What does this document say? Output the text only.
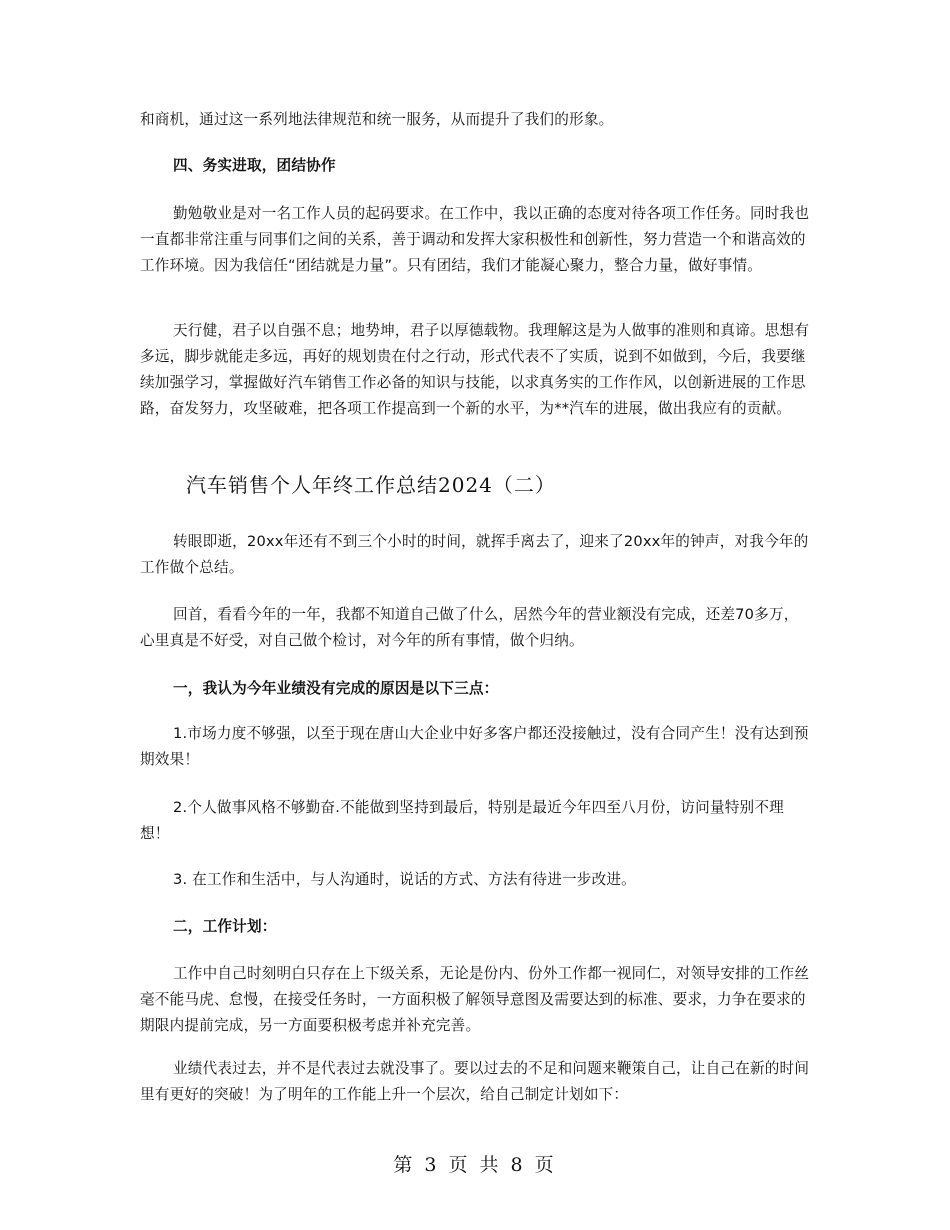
和商机，通过这一系列地法律规范和统一服务，从而提升了我们的形象。

四、务实进取，团结协作

勤勉敬业是对一名工作人员的起码要求。在工作中，我以正确的态度对待各项工作任务。同时我也一直都非常注重与同事们之间的关系，善于调动和发挥大家积极性和创新性，努力营造一个和谐高效的工作环境。因为我信任“团结就是力量”。只有团结，我们才能凝心聚力，整合力量，做好事情。

天行健，君子以自强不息；地势坤，君子以厚德载物。我理解这是为人做事的准则和真谛。思想有多远，脚步就能走多远，再好的规划贵在付之行动，形式代表不了实质，说到不如做到，今后，我要继续加强学习，掌握做好汽车销售工作必备的知识与技能，以求真务实的工作作风，以创新进展的工作思路，奋发努力，攻坚破难，把各项工作提高到一个新的水平，为**汽车的进展，做出我应有的贡献。

汽车销售个人年终工作总结2024（二）

转眼即逝，20xx年还有不到三个小时的时间，就挥手离去了，迎来了20xx年的钟声，对我今年的工作做个总结。

回首，看看今年的一年，我都不知道自己做了什么，居然今年的营业额没有完成，还差70多万，心里真是不好受，对自己做个检讨，对今年的所有事情，做个归纳。

一，我认为今年业绩没有完成的原因是以下三点：

1.市场力度不够强，以至于现在唐山大企业中好多客户都还没接触过，没有合同产生！没有达到预期效果！

2.个人做事风格不够勤奋.不能做到坚持到最后，特别是最近今年四至八月份，访问量特别不理想！

3. 在工作和生活中，与人沟通时，说话的方式、方法有待进一步改进。

二，工作计划：

工作中自己时刻明白只存在上下级关系，无论是份内、份外工作都一视同仁，对领导安排的工作丝毫不能马虎、怠慢，在接受任务时，一方面积极了解领导意图及需要达到的标准、要求，力争在要求的期限内提前完成，另一方面要积极考虑并补充完善。

业绩代表过去，并不是代表过去就没事了。要以过去的不足和问题来鞭策自己，让自己在新的时间里有更好的突破！为了明年的工作能上升一个层次，给自己制定计划如下：

第 3 页 共 8 页
